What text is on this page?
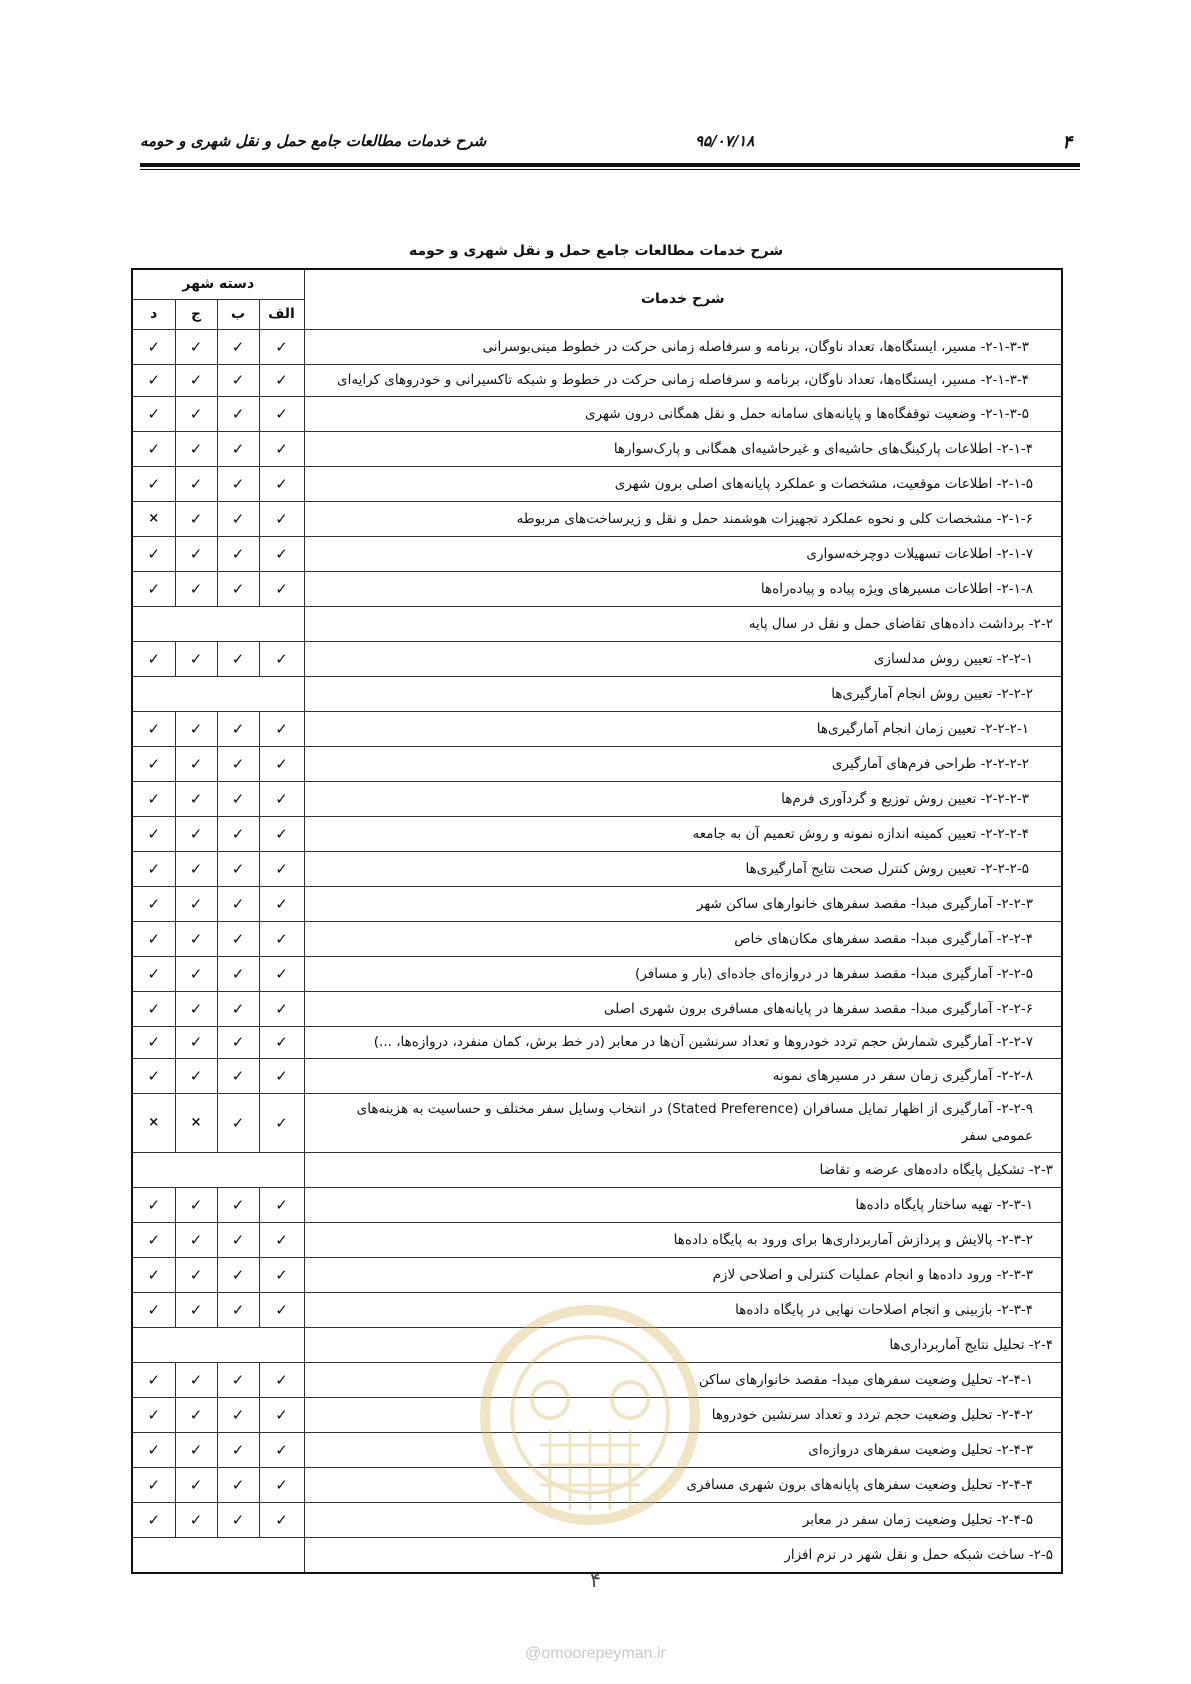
۴
۹۵/۰۷/۱۸
شرح خدمات مطالعات جامع حمل و نقل شهری و حومه
شرح خدمات مطالعات جامع حمل و نقل شهری و حومه
دسته شهر				شرح خدمات
د	ج	ب	الف	
✓	✓	✓	✓	۲-۱-۳-۳- مسیر، ایستگاه‌ها، تعداد ناوگان، برنامه و سرفاصله زمانی حرکت در خطوط مینی‌بوسرانی
✓	✓	✓	✓	۲-۱-۳-۴- مسیر، ایستگاه‌ها، تعداد ناوگان، برنامه و سرفاصله زمانی حرکت در خطوط و شبکه تاکسیرانی و خودروهای کرایه‌ای
✓	✓	✓	✓	۲-۱-۳-۵- وضعیت توقفگاه‌ها و پایانه‌های سامانه حمل و نقل همگانی درون شهری
✓	✓	✓	✓	۲-۱-۴- اطلاعات پارکینگ‌های حاشیه‌ای و غیرحاشیه‌ای همگانی و پارک‌سوارها
✓	✓	✓	✓	۲-۱-۵- اطلاعات موقعیت، مشخصات و عملکرد پایانه‌های اصلی برون شهری
×	✓	✓	✓	۲-۱-۶- مشخصات کلی و نحوه عملکرد تجهیزات هوشمند حمل و نقل و زیرساخت‌های مربوطه
✓	✓	✓	✓	۲-۱-۷- اطلاعات تسهیلات دوچرخه‌سواری
✓	✓	✓	✓	۲-۱-۸- اطلاعات مسیرهای ویژه پیاده و پیاده‌راه‌ها
				۲-۲- برداشت داده‌های تقاضای حمل و نقل در سال پایه
✓	✓	✓	✓	۲-۲-۱- تعیین روش مدلسازی
				۲-۲-۲- تعیین روش انجام آمارگیری‌ها
✓	✓	✓	✓	۲-۲-۲-۱- تعیین زمان انجام آمارگیری‌ها
✓	✓	✓	✓	۲-۲-۲-۲- طراحی فرم‌های آمارگیری
✓	✓	✓	✓	۲-۲-۲-۳- تعیین روش توزیع و گردآوری فرم‌ها
✓	✓	✓	✓	۲-۲-۲-۴- تعیین کمینه اندازه نمونه و روش تعمیم آن به جامعه
✓	✓	✓	✓	۲-۲-۲-۵- تعیین روش کنترل صحت نتایج آمارگیری‌ها
✓	✓	✓	✓	۲-۲-۳- آمارگیری مبدا- مقصد سفرهای خانوارهای ساکن شهر
✓	✓	✓	✓	۲-۲-۴- آمارگیری مبدا- مقصد سفرهای مکان‌های خاص
✓	✓	✓	✓	۲-۲-۵- آمارگیری مبدا- مقصد سفرها در دروازه‌ای جاده‌ای (بار و مسافر)
✓	✓	✓	✓	۲-۲-۶- آمارگیری مبدا- مقصد سفرها در پایانه‌های مسافری برون شهری اصلی
✓	✓	✓	✓	۲-۲-۷- آمارگیری شمارش حجم تردد خودروها و تعداد سرنشین آن‌ها در معابر (در خط برش، کمان منفرد، دروازه‌ها، ...)
✓	✓	✓	✓	۲-۲-۸- آمارگیری زمان سفر در مسیرهای نمونه
×	×	✓	✓	۲-۲-۹- آمارگیری از اظهار تمایل مسافران (Stated Preference) در انتخاب وسایل سفر مختلف و حساسیت به هزینه‌های عمومی سفر
				۲-۳- تشکیل پایگاه داده‌های عرضه و تقاضا
✓	✓	✓	✓	۲-۳-۱- تهیه ساختار پایگاه داده‌ها
✓	✓	✓	✓	۲-۳-۲- پالایش و پردازش آماربرداری‌ها برای ورود به پایگاه داده‌ها
✓	✓	✓	✓	۲-۳-۳- ورود داده‌ها و انجام عملیات کنترلی و اصلاحی لازم
✓	✓	✓	✓	۲-۳-۴- بازبینی و انجام اصلاحات نهایی در پایگاه داده‌ها
				۲-۴- تحلیل نتایج آماربرداری‌ها
✓	✓	✓	✓	۲-۴-۱- تحلیل وضعیت سفرهای مبدا- مقصد خانوارهای ساکن
✓	✓	✓	✓	۲-۴-۲- تحلیل وضعیت حجم تردد و تعداد سرنشین خودروها
✓	✓	✓	✓	۲-۴-۳- تحلیل وضعیت سفرهای دروازه‌ای
✓	✓	✓	✓	۲-۴-۴- تحلیل وضعیت سفرهای پایانه‌های برون شهری مسافری
✓	✓	✓	✓	۲-۴-۵- تحلیل وضعیت زمان سفر در معابر
				۲-۵- ساخت شبکه حمل و نقل شهر در نرم افزار
۴
@omoorepeyman.ir
